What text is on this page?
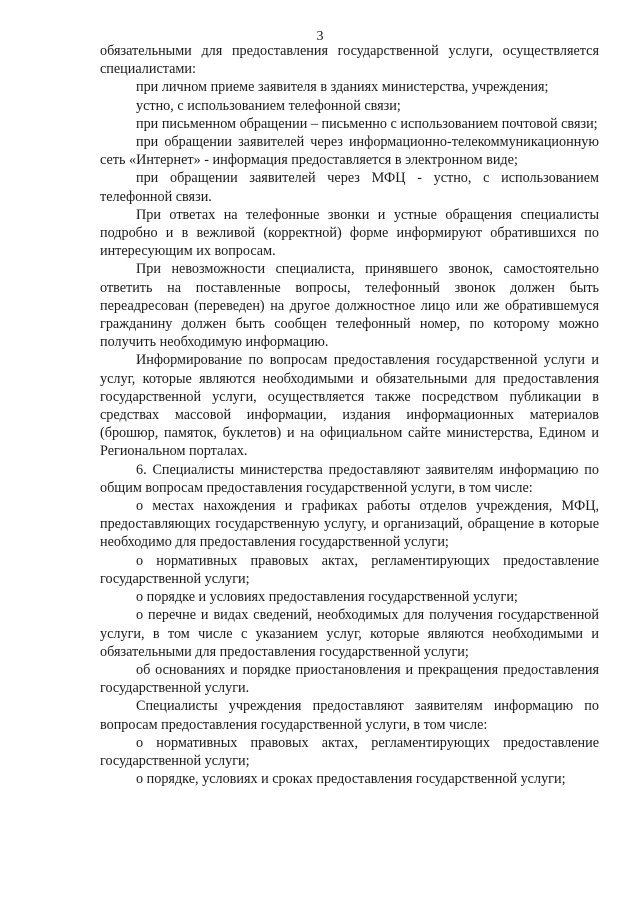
3

обязательными для предоставления государственной услуги, осуществляется специалистами:

при личном приеме заявителя в зданиях министерства, учреждения;

устно, с использованием телефонной связи;

при письменном обращении – письменно с использованием почтовой связи;

при обращении заявителей через информационно-телекоммуникационную сеть «Интернет» - информация предоставляется в электронном виде;

при обращении заявителей через МФЦ - устно, с использованием телефонной связи.

При ответах на телефонные звонки и устные обращения специалисты подробно и в вежливой (корректной) форме информируют обратившихся по интересующим их вопросам.

При невозможности специалиста, принявшего звонок, самостоятельно ответить на поставленные вопросы, телефонный звонок должен быть переадресован (переведен) на другое должностное лицо или же обратившемуся гражданину должен быть сообщен телефонный номер, по которому можно получить необходимую информацию.

Информирование по вопросам предоставления государственной услуги и услуг, которые являются необходимыми и обязательными для предоставления государственной услуги, осуществляется также посредством публикации в средствах массовой информации, издания информационных материалов (брошюр, памяток, буклетов) и на официальном сайте министерства, Едином и Региональном порталах.

6. Специалисты министерства предоставляют заявителям информацию по общим вопросам предоставления государственной услуги, в том числе:

о местах нахождения и графиках работы отделов учреждения, МФЦ, предоставляющих государственную услугу, и организаций, обращение в которые необходимо для предоставления государственной услуги;

о нормативных правовых актах, регламентирующих предоставление государственной услуги;

о порядке и условиях предоставления государственной услуги;

о перечне и видах сведений, необходимых для получения государственной услуги, в том числе с указанием услуг, которые являются необходимыми и обязательными для предоставления государственной услуги;

об основаниях и порядке приостановления и прекращения предоставления государственной услуги.

Специалисты учреждения предоставляют заявителям информацию по вопросам предоставления государственной услуги, в том числе:

о нормативных правовых актах, регламентирующих предоставление государственной услуги;

о порядке, условиях и сроках предоставления государственной услуги;
